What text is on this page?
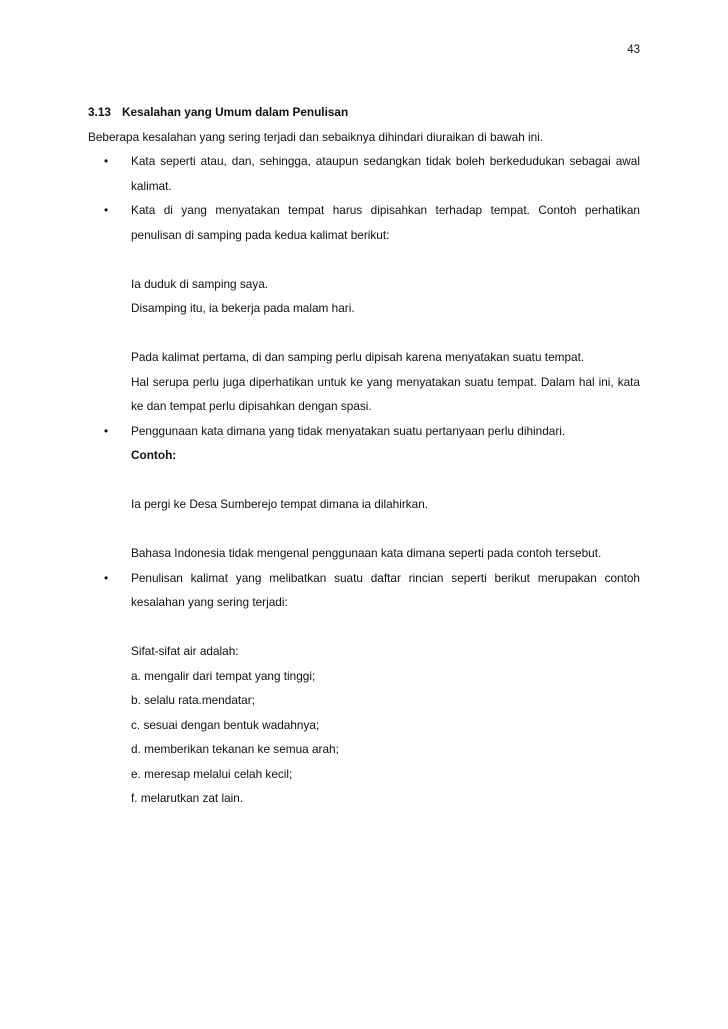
43

3.13 Kesalahan yang Umum dalam Penulisan

Beberapa kesalahan yang sering terjadi dan sebaiknya dihindari diuraikan di bawah ini.

• Kata seperti atau, dan, sehingga, ataupun sedangkan tidak boleh berkedudukan sebagai awal kalimat.

• Kata di yang menyatakan tempat harus dipisahkan terhadap tempat. Contoh perhatikan penulisan di samping pada kedua kalimat berikut:

Ia duduk di samping saya.

Disamping itu, ia bekerja pada malam hari.

Pada kalimat pertama, di dan samping perlu dipisah karena menyatakan suatu tempat.

Hal serupa perlu juga diperhatikan untuk ke yang menyatakan suatu tempat. Dalam hal ini, kata ke dan tempat perlu dipisahkan dengan spasi.

• Penggunaan kata dimana yang tidak menyatakan suatu pertanyaan perlu dihindari.

Contoh:

Ia pergi ke Desa Sumberejo tempat dimana ia dilahirkan.

Bahasa Indonesia tidak mengenal penggunaan kata dimana seperti pada contoh tersebut.

• Penulisan kalimat yang melibatkan suatu daftar rincian seperti berikut merupakan contoh kesalahan yang sering terjadi:

Sifat-sifat air adalah:

a. mengalir dari tempat yang tinggi;

b. selalu rata.mendatar;

c. sesuai dengan bentuk wadahnya;

d. memberikan tekanan ke semua arah;

e. meresap melalui celah kecil;

f. melarutkan zat lain.
